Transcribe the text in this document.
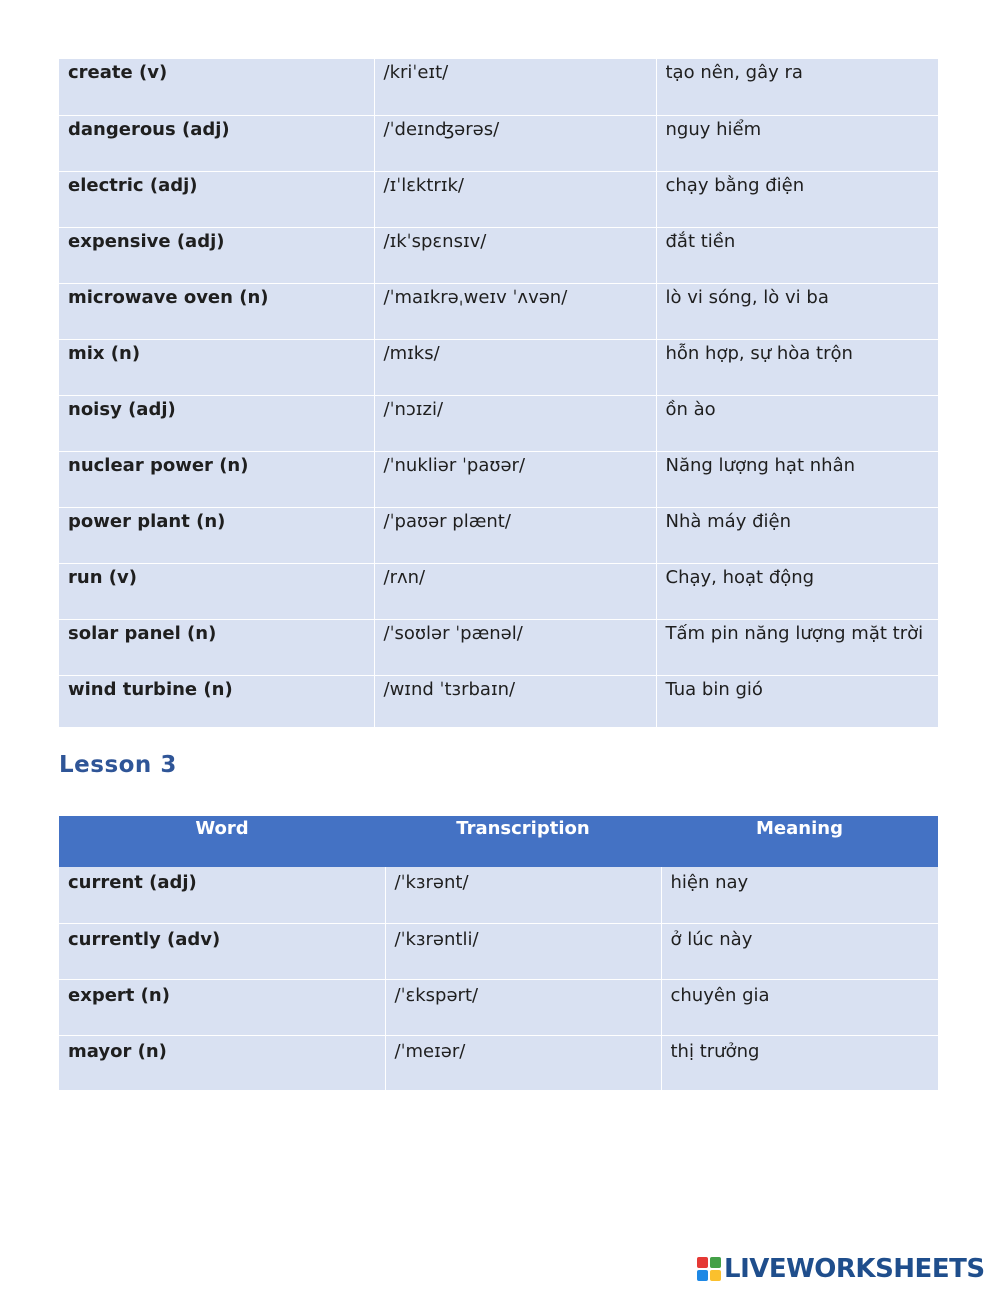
create (v)	/kriˈeɪt/	tạo nên, gây ra
dangerous (adj)	/ˈdeɪnʤərəs/	nguy hiểm
electric (adj)	/ɪˈlɛktrɪk/	chạy bằng điện
expensive (adj)	/ɪkˈspɛnsɪv/	đắt tiền
microwave oven (n)	/ˈmaɪkrəˌweɪv ˈʌvən/	lò vi sóng, lò vi ba
mix (n)	/mɪks/	hỗn hợp, sự hòa trộn
noisy (adj)	/ˈnɔɪzi/	ồn ào
nuclear power (n)	/ˈnukliər ˈpaʊər/	Năng lượng hạt nhân
power plant (n)	/ˈpaʊər plænt/	Nhà máy điện
run (v)	/rʌn/	Chạy, hoạt động
solar panel (n)	/ˈsoʊlər ˈpænəl/	Tấm pin năng lượng mặt trời
wind turbine (n)	/wɪnd ˈtɜrbaɪn/	Tua bin gió
Lesson 3
Word	Transcription	Meaning
current (adj)	/ˈkɜrənt/	hiện nay
currently (adv)	/ˈkɜrəntli/	ở lúc này
expert (n)	/ˈɛkspərt/	chuyên gia
mayor (n)	/ˈmeɪər/	thị trưởng
LIVEWORKSHEETS
